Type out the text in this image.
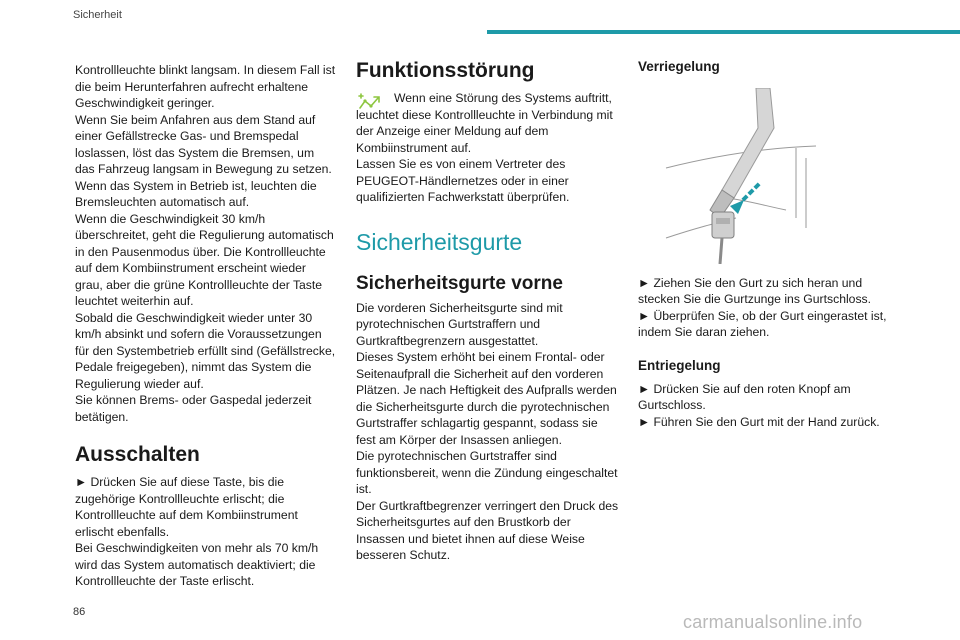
Sicherheit

Kontrollleuchte blinkt langsam. In diesem Fall ist die beim Herunterfahren aufrecht erhaltene Geschwindigkeit geringer.
Wenn Sie beim Anfahren aus dem Stand auf einer Gefällstrecke Gas- und Bremspedal loslassen, löst das System die Bremsen, um das Fahrzeug langsam in Bewegung zu setzen.
Wenn das System in Betrieb ist, leuchten die Bremsleuchten automatisch auf.
Wenn die Geschwindigkeit 30 km/h überschreitet, geht die Regulierung automatisch in den Pausenmodus über. Die Kontrollleuchte auf dem Kombiinstrument erscheint wieder grau, aber die grüne Kontrollleuchte der Taste leuchtet weiterhin auf.
Sobald die Geschwindigkeit wieder unter 30 km/h absinkt und sofern die Voraussetzungen für den Systembetrieb erfüllt sind (Gefällstrecke, Pedale freigegeben), nimmt das System die Regulierung wieder auf.
Sie können Brems- oder Gaspedal jederzeit betätigen.

Ausschalten

► Drücken Sie auf diese Taste, bis die zugehörige Kontrollleuchte erlischt; die Kontrollleuchte auf dem Kombiinstrument erlischt ebenfalls.
Bei Geschwindigkeiten von mehr als 70 km/h wird das System automatisch deaktiviert; die Kontrollleuchte der Taste erlischt.

Funktionsstörung

Wenn eine Störung des Systems auftritt, leuchtet diese Kontrollleuchte in Verbindung mit der Anzeige einer Meldung auf dem Kombiinstrument auf.
Lassen Sie es von einem Vertreter des PEUGEOT-Händlernetzes oder in einer qualifizierten Fachwerkstatt überprüfen.

Sicherheitsgurte
Sicherheitsgurte vorne

Die vorderen Sicherheitsgurte sind mit pyrotechnischen Gurtstraffern und Gurtkraftbegrenzern ausgestattet.
Dieses System erhöht bei einem Frontal- oder Seitenaufprall die Sicherheit auf den vorderen Plätzen. Je nach Heftigkeit des Aufpralls werden die Sicherheitsgurte durch die pyrotechnischen Gurtstraffer schlagartig gespannt, sodass sie fest am Körper der Insassen anliegen.
Die pyrotechnischen Gurtstraffer sind funktionsbereit, wenn die Zündung eingeschaltet ist.
Der Gurtkraftbegrenzer verringert den Druck des Sicherheitsgurtes auf den Brustkorb der Insassen und bietet ihnen auf diese Weise besseren Schutz.

Verriegelung

► Ziehen Sie den Gurt zu sich heran und stecken Sie die Gurtzunge ins Gurtschloss.
► Überprüfen Sie, ob der Gurt eingerastet ist, indem Sie daran ziehen.

Entriegelung

► Drücken Sie auf den roten Knopf am Gurtschloss.
► Führen Sie den Gurt mit der Hand zurück.

86	carmanualsonline.info
